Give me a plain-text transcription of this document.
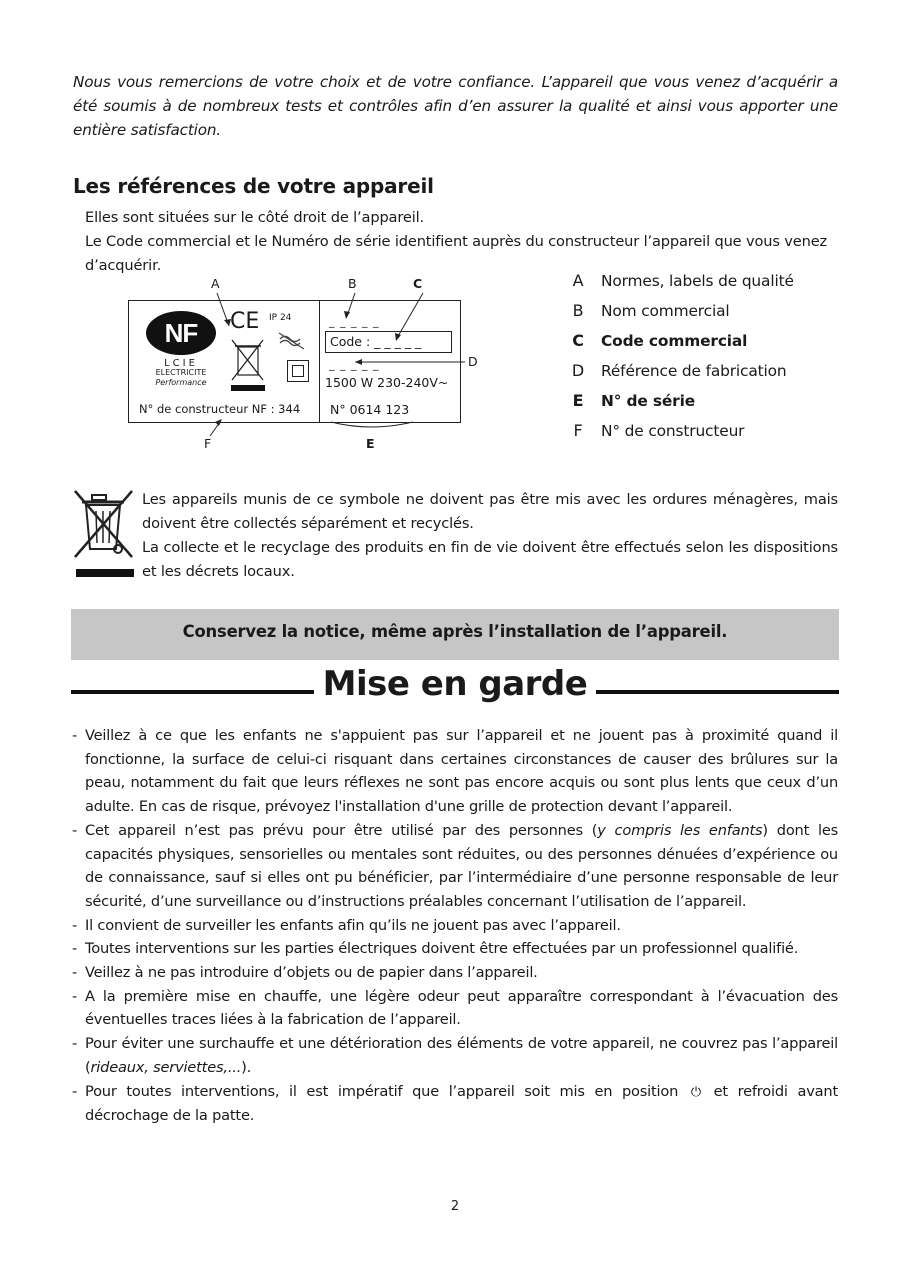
Nous vous remercions de votre choix et de votre confiance. L’appareil que vous venez d’acquérir a été soumis à de nombreux tests et contrôles afin d’en assurer la qualité et ainsi vous apporter une entière satisfaction.

Les références de votre appareil

Elles sont situées sur le côté droit de l’appareil.

Le Code commercial et le Numéro de série identifient auprès du constructeur l’appareil que vous venez d’acquérir.

NF
LCIE
ELECTRICITE
Performance
CE IP 24
N° de constructeur NF : 344
_ _ _ _ _
Code : _ _ _ _ _
_ _ _ _ _
1500 W 230-240V~
N° 0614 123
A	B	C
D
E
F
A Normes, labels de qualité
B Nom commercial
C Code commercial
D Référence de fabrication
E N° de série
F	N° de constructeur

Les appareils munis de ce symbole ne doivent pas être mis avec les ordures ménagères, mais doivent être collectés séparément et recyclés.

La collecte et le recyclage des produits en fin de vie doivent être effectués selon les dispositions et les décrets locaux.

Conservez la notice, même après l’installation de l’appareil.
Mise en garde
- Veillez à ce que les enfants ne s'appuient pas sur l’appareil et ne jouent pas à proximité quand il fonctionne, la surface de celui-ci risquant dans certaines circonstances de causer des brûlures sur la peau, notamment du fait que leurs réflexes ne sont pas encore acquis ou sont plus lents que ceux d’un adulte. En cas de risque, prévoyez l'installation d'une grille de protection devant l’appareil.
- Cet appareil n’est pas prévu pour être utilisé par des personnes (y compris les enfants) dont les capacités physiques, sensorielles ou mentales sont réduites, ou des personnes dénuées d’expérience ou de connaissance, sauf si elles ont pu bénéficier, par l’intermédiaire d’une personne responsable de leur sécurité, d’une surveillance ou d’instructions préalables concernant l’utilisation de l’appareil.
- Il convient de surveiller les enfants afin qu’ils ne jouent pas avec l’appareil.
- Toutes interventions sur les parties électriques doivent être effectuées par un professionnel qualifié.
- Veillez à ne pas introduire d’objets ou de papier dans l’appareil.
- A la première mise en chauffe, une légère odeur peut apparaître correspondant à l’évacuation des éventuelles traces liées à la fabrication de l’appareil.
- Pour éviter une surchauffe et une détérioration des éléments de votre appareil, ne couvrez pas l’appareil (rideaux, serviettes,...).
- Pour toutes interventions, il est impératif que l’appareil soit mis en position ⏻ et refroidi avant décrochage de la patte.
2
